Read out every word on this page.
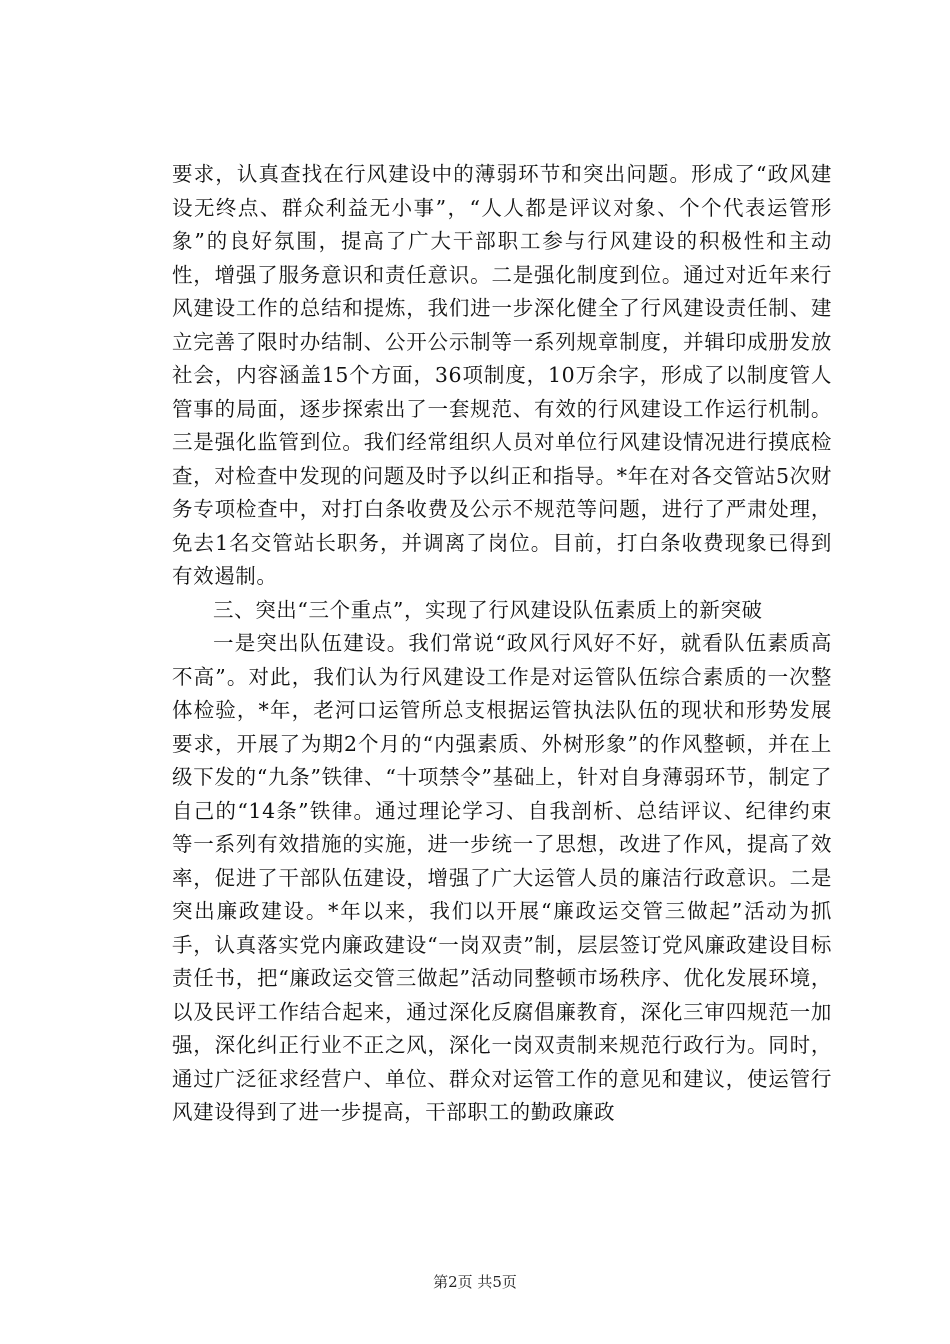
要求，认真查找在行风建设中的薄弱环节和突出问题。形成了“政风建设无终点、群众利益无小事”，“人人都是评议对象、个个代表运管形象”的良好氛围，提高了广大干部职工参与行风建设的积极性和主动性，增强了服务意识和责任意识。二是强化制度到位。通过对近年来行风建设工作的总结和提炼，我们进一步深化健全了行风建设责任制、建立完善了限时办结制、公开公示制等一系列规章制度，并辑印成册发放社会，内容涵盖15个方面，36项制度，10万余字，形成了以制度管人管事的局面，逐步探索出了一套规范、有效的行风建设工作运行机制。三是强化监管到位。我们经常组织人员对单位行风建设情况进行摸底检查，对检查中发现的问题及时予以纠正和指导。*年在对各交管站5次财务专项检查中，对打白条收费及公示不规范等问题，进行了严肃处理，免去1名交管站长职务，并调离了岗位。目前，打白条收费现象已得到有效遏制。

三、突出“三个重点”，实现了行风建设队伍素质上的新突破

一是突出队伍建设。我们常说“政风行风好不好，就看队伍素质高不高”。对此，我们认为行风建设工作是对运管队伍综合素质的一次整体检验，*年，老河口运管所总支根据运管执法队伍的现状和形势发展要求，开展了为期2个月的“内强素质、外树形象”的作风整顿，并在上级下发的“九条”铁律、“十项禁令”基础上，针对自身薄弱环节，制定了自己的“14条”铁律。通过理论学习、自我剖析、总结评议、纪律约束等一系列有效措施的实施，进一步统一了思想，改进了作风，提高了效率，促进了干部队伍建设，增强了广大运管人员的廉洁行政意识。二是突出廉政建设。*年以来，我们以开展“廉政运交管三做起”活动为抓手，认真落实党内廉政建设“一岗双责”制，层层签订党风廉政建设目标责任书，把“廉政运交管三做起”活动同整顿市场秩序、优化发展环境，以及民评工作结合起来，通过深化反腐倡廉教育，深化三审四规范一加强，深化纠正行业不正之风，深化一岗双责制来规范行政行为。同时，通过广泛征求经营户、单位、群众对运管工作的意见和建议，使运管行风建设得到了进一步提高，干部职工的勤政廉政

第2页 共5页
